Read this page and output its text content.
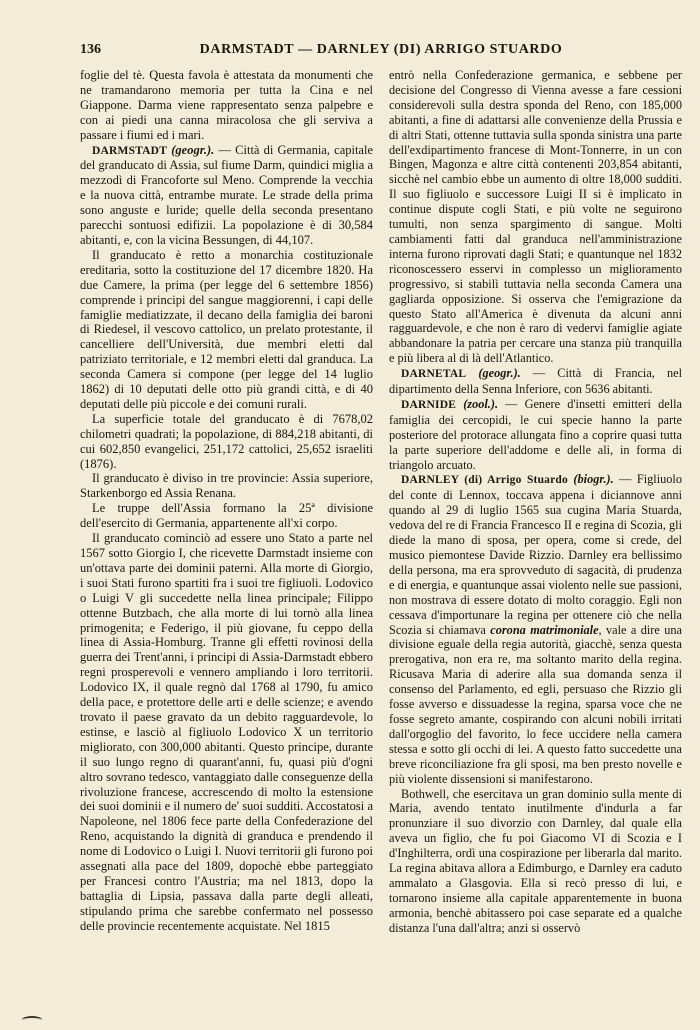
136	DARMSTADT — DARNLEY (DI) ARRIGO STUARDO

foglie del tè. Questa favola è attestata da monumenti che ne tramandarono memoria per tutta la Cina e nel Giappone. Darma viene rappresentato senza palpebre e con ai piedi una canna miracolosa che gli serviva a passare i fiumi ed i mari.

DARMSTADT (geogr.). — Città di Germania, capitale del granducato di Assia, sul fiume Darm, quindici miglia a mezzodì di Francoforte sul Meno. Comprende la vecchia e la nuova città, entrambe murate. Le strade della prima sono anguste e luride; quelle della seconda presentano parecchi sontuosi edifizii. La popolazione è di 30,584 abitanti, e, con la vicina Bessungen, di 44,107.

Il granducato è retto a monarchia costituzionale ereditaria, sotto la costituzione del 17 dicembre 1820. Ha due Camere, la prima (per legge del 6 settembre 1856) comprende i principi del sangue maggiorenni, i capi delle famiglie mediatizzate, il decano della famiglia dei baroni di Riedesel, il vescovo cattolico, un prelato protestante, il cancelliere dell'Università, due membri eletti dal patriziato territoriale, e 12 membri eletti dal granduca. La seconda Camera si compone (per legge del 14 luglio 1862) di 10 deputati delle otto più grandi città, e di 40 deputati delle più piccole e dei comuni rurali.

La superficie totale del granducato è di 7678,02 chilometri quadrati; la popolazione, di 884,218 abitanti, di cui 602,850 evangelici, 251,172 cattolici, 25,652 israeliti (1876).

Il granducato è diviso in tre provincie: Assia superiore, Starkenborgo ed Assia Renana.

Le truppe dell'Assia formano la 25ª divisione dell'esercito di Germania, appartenente all'xi corpo.

Il granducato cominciò ad essere uno Stato a parte nel 1567 sotto Giorgio I, che ricevette Darmstadt insieme con un'ottava parte dei dominii paterni. Alla morte di Giorgio, i suoi Stati furono spartiti fra i suoi tre figliuoli. Lodovico o Luigi V gli succedette nella linea principale; Filippo ottenne Butzbach, che alla morte di lui tornò alla linea primogenita; e Federigo, il più giovane, fu ceppo della linea di Assia-Homburg. Tranne gli effetti rovinosi della guerra dei Trent'anni, i principi di Assia-Darmstadt ebbero regni prosperevoli e vennero ampliando i loro territorii. Lodovico IX, il quale regnò dal 1768 al 1790, fu amico della pace, e protettore delle arti e delle scienze; e avendo trovato il paese gravato da un debito ragguardevole, lo estinse, e lasciò al figliuolo Lodovico X un territorio migliorato, con 300,000 abitanti. Questo principe, durante il suo lungo regno di quarant'anni, fu, quasi più d'ogni altro sovrano tedesco, vantaggiato dalle conseguenze della rivoluzione francese, accrescendo di molto la estensione dei suoi dominii e il numero de' suoi sudditi. Accostatosi a Napoleone, nel 1806 fece parte della Confederazione del Reno, acquistando la dignità di granduca e prendendo il nome di Lodovico o Luigi I. Nuovi territorii gli furono poi assegnati alla pace del 1809, dopochè ebbe parteggiato per Francesi contro l'Austria; ma nel 1813, dopo la battaglia di Lipsia, passava dalla parte degli alleati, stipulando prima che sarebbe confermato nel possesso delle provincie recentemente acquistate. Nel 1815

entrò nella Confederazione germanica, e sebbene per decisione del Congresso di Vienna avesse a fare cessioni considerevoli sulla destra sponda del Reno, con 185,000 abitanti, a fine di adattarsi alle convenienze della Prussia e di altri Stati, ottenne tuttavia sulla sponda sinistra una parte dell'exdipartimento francese di Mont-Tonnerre, in un con Bingen, Magonza e altre città contenenti 203,854 abitanti, sicchè nel cambio ebbe un aumento di oltre 18,000 sudditi. Il suo figliuolo e successore Luigi II si è implicato in continue dispute cogli Stati, e più volte ne seguirono tumulti, non senza spargimento di sangue. Molti cambiamenti fatti dal granduca nell'amministrazione interna furono riprovati dagli Stati; e quantunque nel 1832 riconoscessero esservi in complesso un miglioramento progressivo, si stabilì tuttavia nella seconda Camera una gagliarda opposizione. Si osserva che l'emigrazione da questo Stato all'America è divenuta da alcuni anni ragguardevole, e che non è raro di vedervi famiglie agiate abbandonare la patria per cercare una stanza più tranquilla e più libera al di là dell'Atlantico.

DARNETAL (geogr.). — Città di Francia, nel dipartimento della Senna Inferiore, con 5636 abitanti.

DARNIDE (zool.). — Genere d'insetti emitteri della famiglia dei cercopidi, le cui specie hanno la parte posteriore del protorace allungata fino a coprire quasi tutta la parte superiore dell'addome e delle ali, in forma di triangolo arcuato.

DARNLEY (di) Arrigo Stuardo (biogr.). — Figliuolo del conte di Lennox, toccava appena i diciannove anni quando al 29 di luglio 1565 sua cugina Maria Stuarda, vedova del re di Francia Francesco II e regina di Scozia, gli diede la mano di sposa, per opera, come si crede, del musico piemontese Davide Rizzio. Darnley era bellissimo della persona, ma era sprovveduto di sagacità, di prudenza e di energia, e quantunque assai violento nelle sue passioni, non mostrava di essere dotato di molto coraggio. Egli non cessava d'importunare la regina per ottenere ciò che nella Scozia si chiamava corona matrimoniale, vale a dire una divisione eguale della regia autorità, giacchè, senza questa prerogativa, non era re, ma soltanto marito della regina. Ricusava Maria di aderire alla sua domanda senza il consenso del Parlamento, ed egli, persuaso che Rizzio gli fosse avverso e dissuadesse la regina, sparsa voce che ne fosse segreto amante, cospirando con alcuni nobili irritati dall'orgoglio del favorito, lo fece uccidere nella camera stessa e sotto gli occhi di lei. A questo fatto succedette una breve riconciliazione fra gli sposi, ma ben presto novelle e più violente dissensioni si manifestarono.

Bothwell, che esercitava un gran dominio sulla mente di Maria, avendo tentato inutilmente d'indurla a far pronunziare il suo divorzio con Darnley, dal quale ella aveva un figlio, che fu poi Giacomo VI di Scozia e I d'Inghilterra, ordì una cospirazione per liberarla dal marito. La regina abitava allora a Edimburgo, e Darnley era caduto ammalato a Glasgovia. Ella si recò presso di lui, e tornarono insieme alla capitale apparentemente in buona armonia, benchè abitassero poi case separate ed a qualche distanza l'una dall'altra; anzi si osservò
